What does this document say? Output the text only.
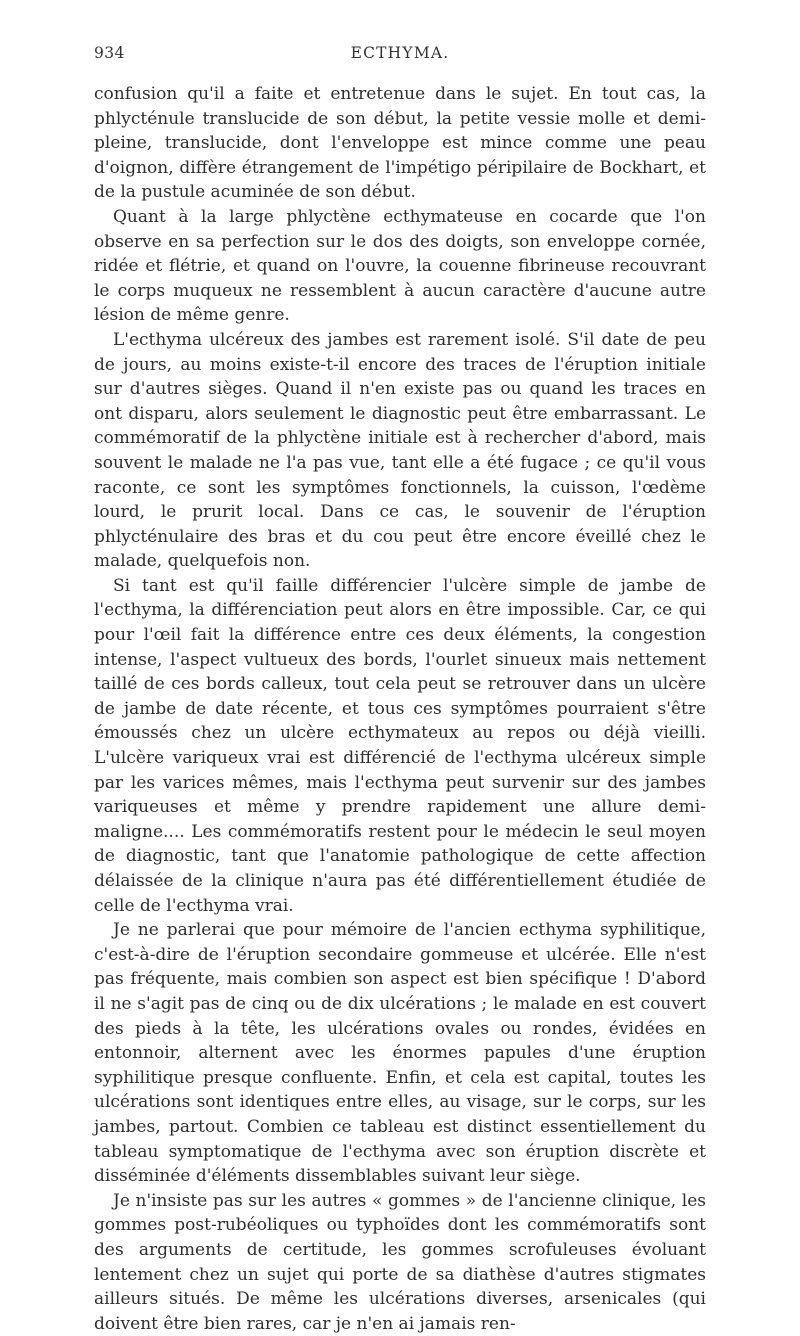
934	ECTHYMA.

confusion qu'il a faite et entretenue dans le sujet. En tout cas, la phlycténule translucide de son début, la petite vessie molle et demi-pleine, translucide, dont l'enveloppe est mince comme une peau d'oignon, diffère étrangement de l'impétigo péripilaire de Bockhart, et de la pustule acuminée de son début.

Quant à la large phlyctène ecthymateuse en cocarde que l'on observe en sa perfection sur le dos des doigts, son enveloppe cornée, ridée et flétrie, et quand on l'ouvre, la couenne fibrineuse recouvrant le corps muqueux ne ressemblent à aucun caractère d'aucune autre lésion de même genre.

L'ecthyma ulcéreux des jambes est rarement isolé. S'il date de peu de jours, au moins existe-t-il encore des traces de l'éruption initiale sur d'autres sièges. Quand il n'en existe pas ou quand les traces en ont disparu, alors seulement le diagnostic peut être embarrassant. Le commémoratif de la phlyctène initiale est à rechercher d'abord, mais souvent le malade ne l'a pas vue, tant elle a été fugace ; ce qu'il vous raconte, ce sont les symptômes fonctionnels, la cuisson, l'œdème lourd, le prurit local. Dans ce cas, le souvenir de l'éruption phlycténulaire des bras et du cou peut être encore éveillé chez le malade, quelquefois non.

Si tant est qu'il faille différencier l'ulcère simple de jambe de l'ecthyma, la différenciation peut alors en être impossible. Car, ce qui pour l'œil fait la différence entre ces deux éléments, la congestion intense, l'aspect vultueux des bords, l'ourlet sinueux mais nettement taillé de ces bords calleux, tout cela peut se retrouver dans un ulcère de jambe de date récente, et tous ces symptômes pourraient s'être émoussés chez un ulcère ecthymateux au repos ou déjà vieilli. L'ulcère variqueux vrai est différencié de l'ecthyma ulcéreux simple par les varices mêmes, mais l'ecthyma peut survenir sur des jambes variqueuses et même y prendre rapidement une allure demi-maligne.... Les commémoratifs restent pour le médecin le seul moyen de diagnostic, tant que l'anatomie pathologique de cette affection délaissée de la clinique n'aura pas été différentiellement étudiée de celle de l'ecthyma vrai.

Je ne parlerai que pour mémoire de l'ancien ecthyma syphilitique, c'est-à-dire de l'éruption secondaire gommeuse et ulcérée. Elle n'est pas fréquente, mais combien son aspect est bien spécifique ! D'abord il ne s'agit pas de cinq ou de dix ulcérations ; le malade en est couvert des pieds à la tête, les ulcérations ovales ou rondes, évidées en entonnoir, alternent avec les énormes papules d'une éruption syphilitique presque confluente. Enfin, et cela est capital, toutes les ulcérations sont identiques entre elles, au visage, sur le corps, sur les jambes, partout. Combien ce tableau est distinct essentiellement du tableau symptomatique de l'ecthyma avec son éruption discrète et disséminée d'éléments dissemblables suivant leur siège.

Je n'insiste pas sur les autres « gommes » de l'ancienne clinique, les gommes post-rubéoliques ou typhoïdes dont les commémoratifs sont des arguments de certitude, les gommes scrofuleuses évoluant lentement chez un sujet qui porte de sa diathèse d'autres stigmates ailleurs situés. De même les ulcérations diverses, arsenicales (qui doivent être bien rares, car je n'en ai jamais ren-
